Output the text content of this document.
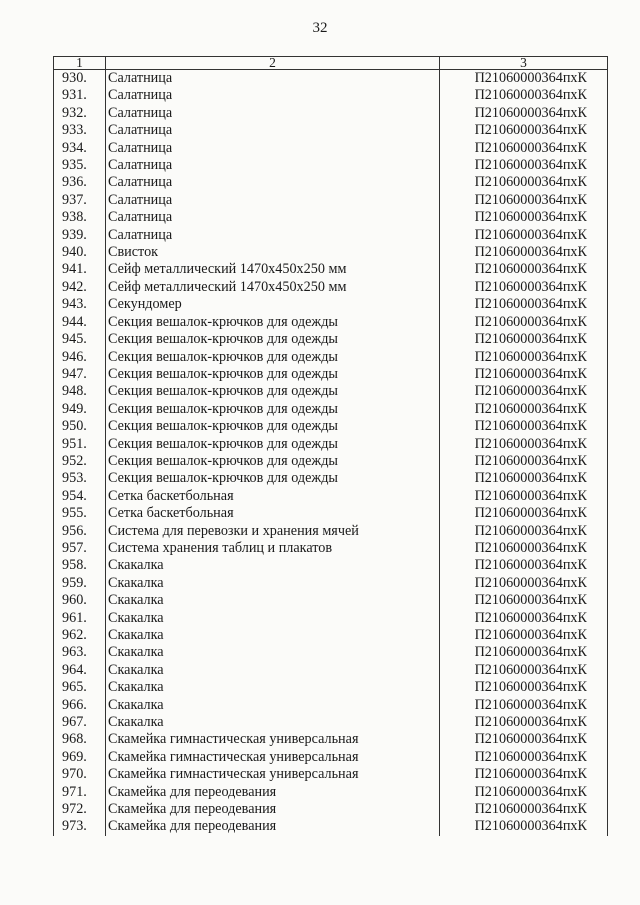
32
1	2	3
930.	Салатница	П21060000364пхК
931.	Салатница	П21060000364пхК
932.	Салатница	П21060000364пхК
933.	Салатница	П21060000364пхК
934.	Салатница	П21060000364пхК
935.	Салатница	П21060000364пхК
936.	Салатница	П21060000364пхК
937.	Салатница	П21060000364пхК
938.	Салатница	П21060000364пхК
939.	Салатница	П21060000364пхК
940.	Свисток	П21060000364пхК
941.	Сейф металлический 1470x450x250 мм	П21060000364пхК
942.	Сейф металлический 1470x450x250 мм	П21060000364пхК
943.	Секундомер	П21060000364пхК
944.	Секция вешалок-крючков для одежды	П21060000364пхК
945.	Секция вешалок-крючков для одежды	П21060000364пхК
946.	Секция вешалок-крючков для одежды	П21060000364пхК
947.	Секция вешалок-крючков для одежды	П21060000364пхК
948.	Секция вешалок-крючков для одежды	П21060000364пхК
949.	Секция вешалок-крючков для одежды	П21060000364пхК
950.	Секция вешалок-крючков для одежды	П21060000364пхК
951.	Секция вешалок-крючков для одежды	П21060000364пхК
952.	Секция вешалок-крючков для одежды	П21060000364пхК
953.	Секция вешалок-крючков для одежды	П21060000364пхК
954.	Сетка баскетбольная	П21060000364пхК
955.	Сетка баскетбольная	П21060000364пхК
956.	Система для перевозки и хранения мячей	П21060000364пхК
957.	Система хранения таблиц и плакатов	П21060000364пхК
958.	Скакалка	П21060000364пхК
959.	Скакалка	П21060000364пхК
960.	Скакалка	П21060000364пхК
961.	Скакалка	П21060000364пхК
962.	Скакалка	П21060000364пхК
963.	Скакалка	П21060000364пхК
964.	Скакалка	П21060000364пхК
965.	Скакалка	П21060000364пхК
966.	Скакалка	П21060000364пхК
967.	Скакалка	П21060000364пхК
968.	Скамейка гимнастическая универсальная	П21060000364пхК
969.	Скамейка гимнастическая универсальная	П21060000364пхК
970.	Скамейка гимнастическая универсальная	П21060000364пхК
971.	Скамейка для переодевания	П21060000364пхК
972.	Скамейка для переодевания	П21060000364пхК
973.	Скамейка для переодевания	П21060000364пхК
